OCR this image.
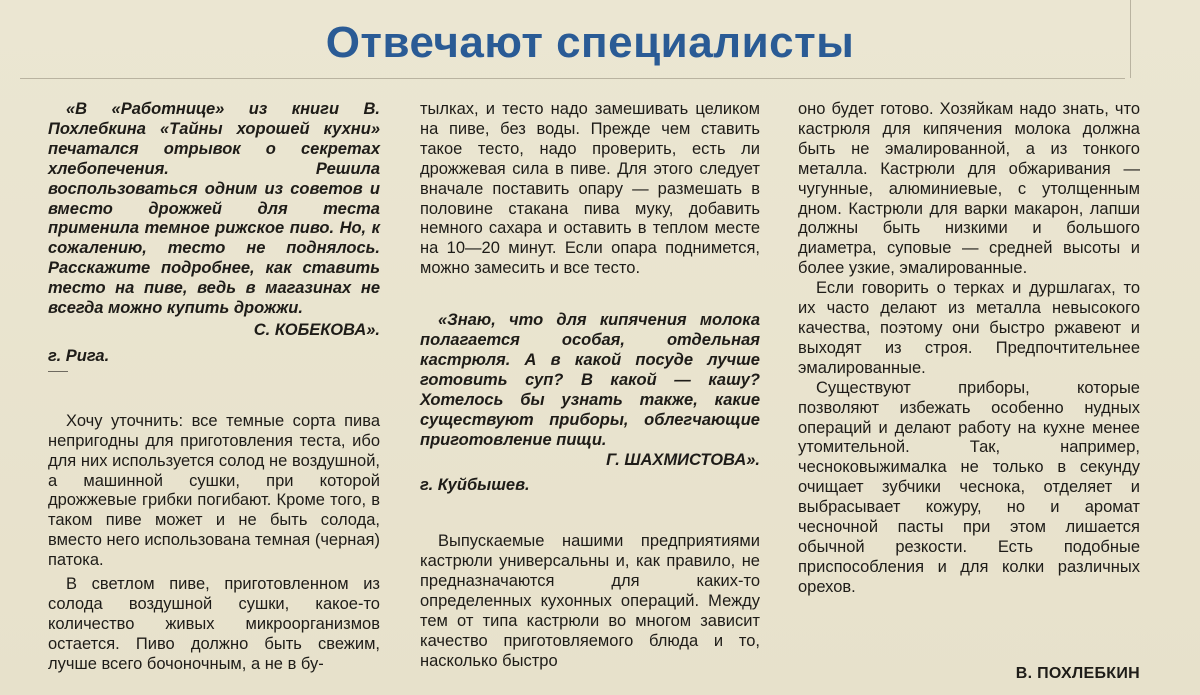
Отвечают специалисты

«В «Работнице» из книги В. Похлебкина «Тайны хорошей кухни» печатался отрывок о секретах хлебопечения. Решила воспользоваться одним из советов и вместо дрожжей для теста применила темное рижское пиво. Но, к сожалению, тесто не поднялось. Расскажите подробнее, как ставить тесто на пиве, ведь в магазинах не всегда можно купить дрожжи.

С. КОБЕКОВА».

г. Рига.

Хочу уточнить: все темные сорта пива непригодны для приготовления теста, ибо для них используется солод не воздушной, а машинной сушки, при которой дрожжевые грибки погибают. Кроме того, в таком пиве может и не быть солода, вместо него использована темная (черная) патока.

В светлом пиве, приготовленном из солода воздушной сушки, какое-то количество живых микроорганизмов остается. Пиво должно быть свежим, лучше всего бочоночным, а не в бу-

тылках, и тесто надо замешивать целиком на пиве, без воды. Прежде чем ставить такое тесто, надо проверить, есть ли дрожжевая сила в пиве. Для этого следует вначале поставить опару — размешать в половине стакана пива муку, добавить немного сахара и оставить в теплом месте на 10—20 минут. Если опара поднимется, можно замесить и все тесто.

«Знаю, что для кипячения молока полагается особая, отдельная кастрюля. А в какой посуде лучше готовить суп? В какой — кашу? Хотелось бы узнать также, какие существуют приборы, облегчающие приготовление пищи.

Г. ШАХМИСТОВА».

г. Куйбышев.

Выпускаемые нашими предприятиями кастрюли универсальны и, как правило, не предназначаются для каких-то определенных кухонных операций. Между тем от типа кастрюли во многом зависит качество приготовляемого блюда и то, насколько быстро

оно будет готово. Хозяйкам надо знать, что кастрюля для кипячения молока должна быть не эмалированной, а из тонкого металла. Кастрюли для обжаривания — чугунные, алюминиевые, с утолщенным дном. Кастрюли для варки макарон, лапши должны быть низкими и большого диаметра, суповые — средней высоты и более узкие, эмалированные.

Если говорить о терках и дуршлагах, то их часто делают из металла невысокого качества, поэтому они быстро ржавеют и выходят из строя. Предпочтительнее эмалированные.

Существуют приборы, которые позволяют избежать особенно нудных операций и делают работу на кухне менее утомительной. Так, например, чесноковыжималка не только в секунду очищает зубчики чеснока, отделяет и выбрасывает кожуру, но и аромат чесночной пасты при этом лишается обычной резкости. Есть подобные приспособления и для колки различных орехов.

В. ПОХЛЕБКИН
